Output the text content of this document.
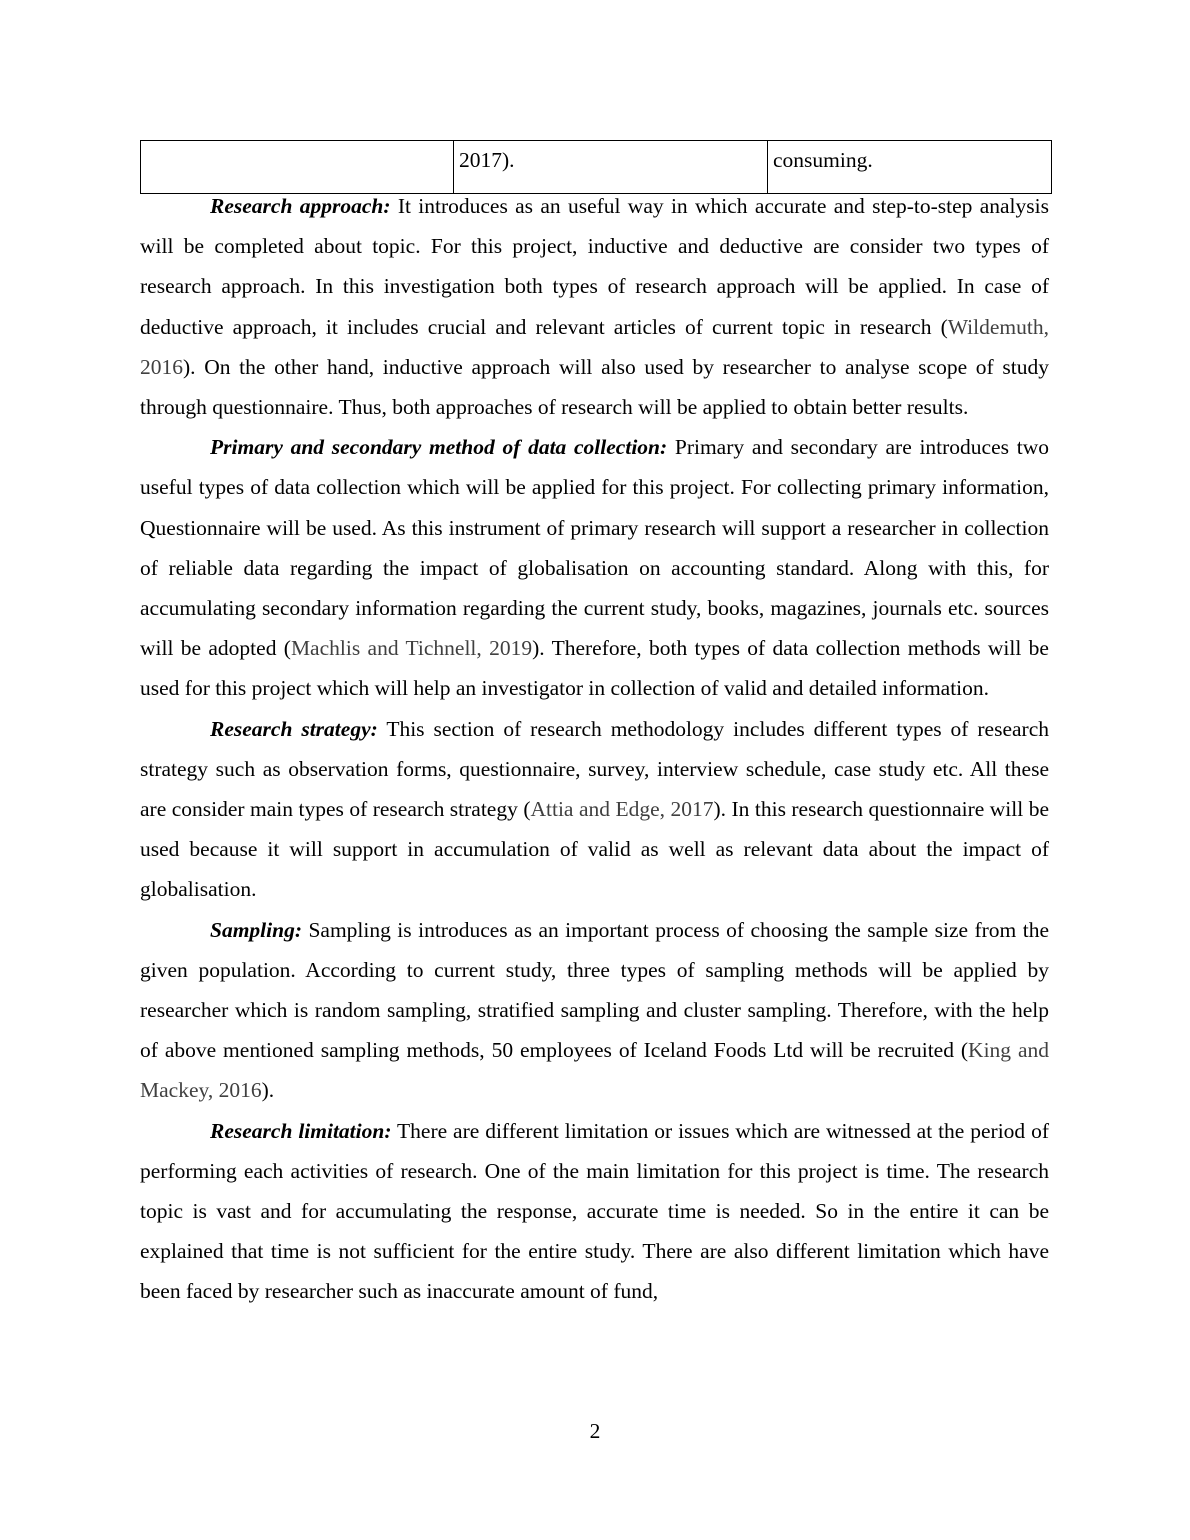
	2017).	consuming.

Research approach: It introduces as an useful way in which accurate and step-to-step analysis will be completed about topic. For this project, inductive and deductive are consider two types of research approach. In this investigation both types of research approach will be applied. In case of deductive approach, it includes crucial and relevant articles of current topic in research (Wildemuth, 2016). On the other hand, inductive approach will also used by researcher to analyse scope of study through questionnaire. Thus, both approaches of research will be applied to obtain better results.

Primary and secondary method of data collection: Primary and secondary are introduces two useful types of data collection which will be applied for this project. For collecting primary information, Questionnaire will be used. As this instrument of primary research will support a researcher in collection of reliable data regarding the impact of globalisation on accounting standard. Along with this, for accumulating secondary information regarding the current study, books, magazines, journals etc. sources will be adopted (Machlis and Tichnell, 2019). Therefore, both types of data collection methods will be used for this project which will help an investigator in collection of valid and detailed information.

Research strategy: This section of research methodology includes different types of research strategy such as observation forms, questionnaire, survey, interview schedule, case study etc. All these are consider main types of research strategy (Attia and Edge, 2017). In this research questionnaire will be used because it will support in accumulation of valid as well as relevant data about the impact of globalisation.

Sampling: Sampling is introduces as an important process of choosing the sample size from the given population. According to current study, three types of sampling methods will be applied by researcher which is random sampling, stratified sampling and cluster sampling. Therefore, with the help of above mentioned sampling methods, 50 employees of Iceland Foods Ltd will be recruited (King and Mackey, 2016).

Research limitation: There are different limitation or issues which are witnessed at the period of performing each activities of research. One of the main limitation for this project is time. The research topic is vast and for accumulating the response, accurate time is needed. So in the entire it can be explained that time is not sufficient for the entire study. There are also different limitation which have been faced by researcher such as inaccurate amount of fund,

2
